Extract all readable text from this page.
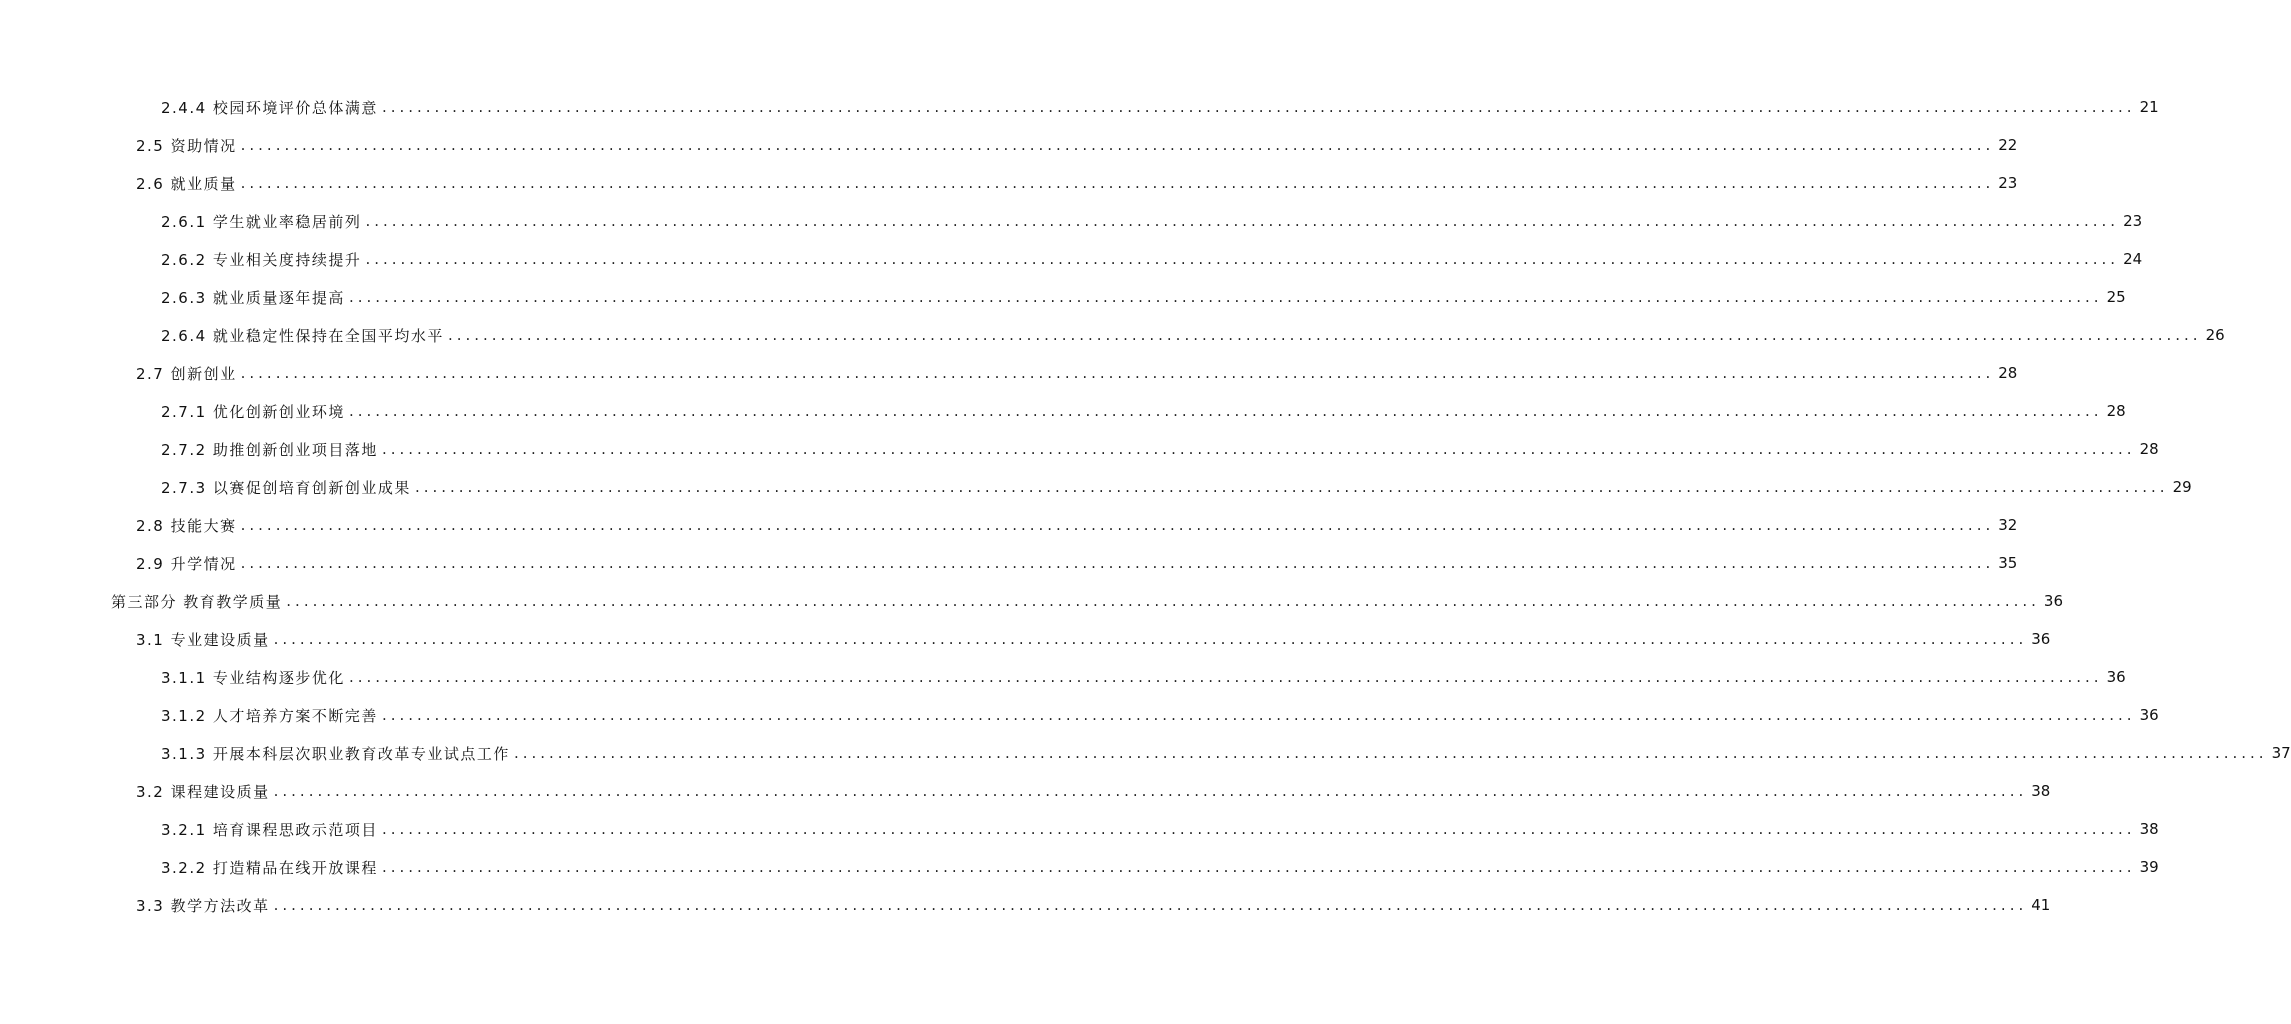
2.4.4 校园环境评价总体满意 ........................................................................................................................................................................................................ 21
2.5 资助情况 ........................................................................................................................................................................................................ 22
2.6 就业质量 ........................................................................................................................................................................................................ 23
2.6.1 学生就业率稳居前列 ........................................................................................................................................................................................................ 23
2.6.2 专业相关度持续提升 ........................................................................................................................................................................................................ 24
2.6.3 就业质量逐年提高 ........................................................................................................................................................................................................ 25
2.6.4 就业稳定性保持在全国平均水平 ........................................................................................................................................................................................................ 26
2.7 创新创业 ........................................................................................................................................................................................................ 28
2.7.1 优化创新创业环境 ........................................................................................................................................................................................................ 28
2.7.2 助推创新创业项目落地 ........................................................................................................................................................................................................ 28
2.7.3 以赛促创培育创新创业成果 ........................................................................................................................................................................................................ 29
2.8 技能大赛 ........................................................................................................................................................................................................ 32
2.9 升学情况 ........................................................................................................................................................................................................ 35
第三部分 教育教学质量 ........................................................................................................................................................................................................ 36
3.1 专业建设质量 ........................................................................................................................................................................................................ 36
3.1.1 专业结构逐步优化 ........................................................................................................................................................................................................ 36
3.1.2 人才培养方案不断完善 ........................................................................................................................................................................................................ 36
3.1.3 开展本科层次职业教育改革专业试点工作 ........................................................................................................................................................................................................ 37
3.2 课程建设质量 ........................................................................................................................................................................................................ 38
3.2.1 培育课程思政示范项目 ........................................................................................................................................................................................................ 38
3.2.2 打造精品在线开放课程 ........................................................................................................................................................................................................ 39
3.3 教学方法改革 ........................................................................................................................................................................................................ 41
